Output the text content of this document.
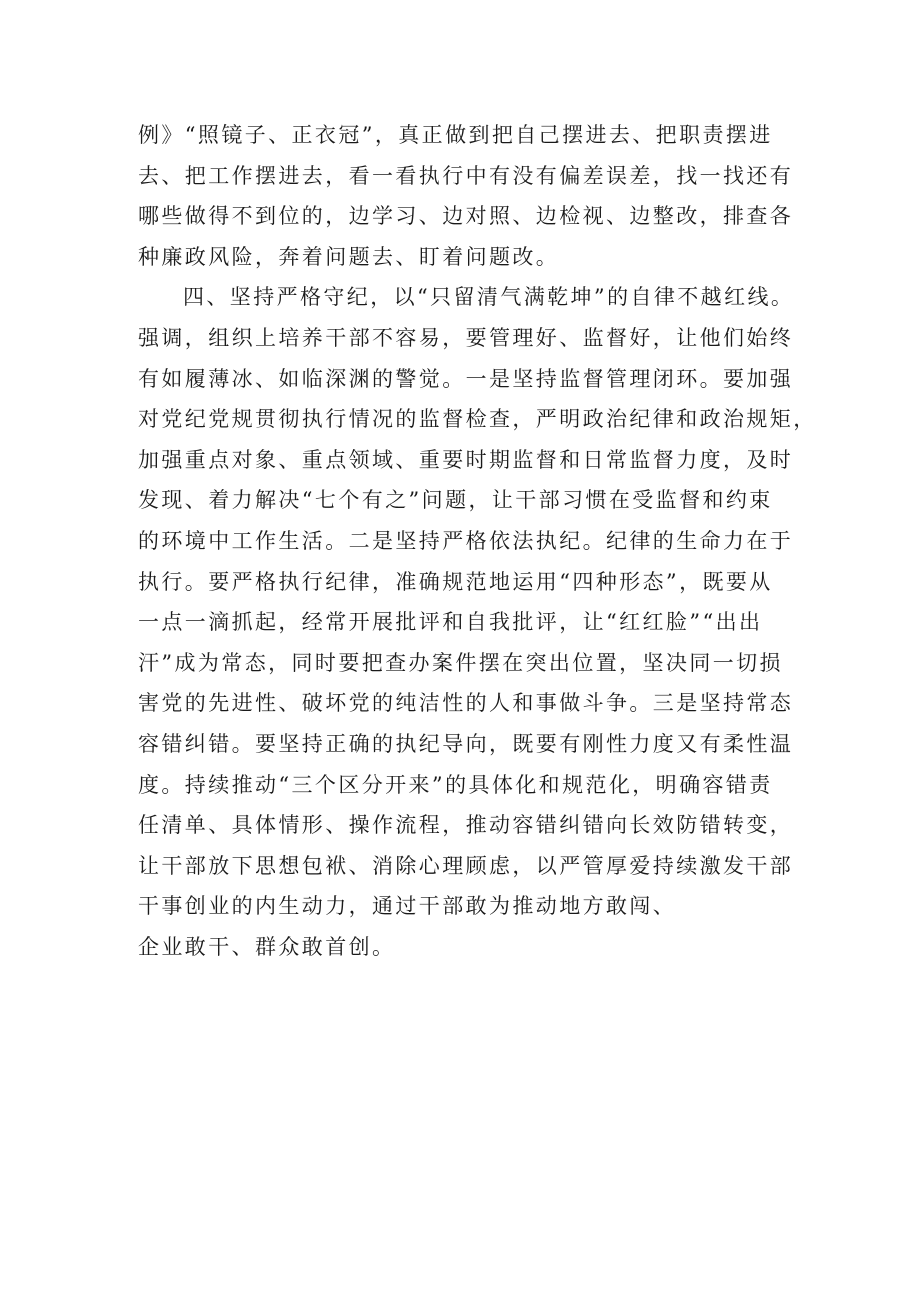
例》“照镜子、正衣冠”，真正做到把自己摆进去、把职责摆进
去、把工作摆进去，看一看执行中有没有偏差误差，找一找还有
哪些做得不到位的，边学习、边对照、边检视、边整改，排查各
种廉政风险，奔着问题去、盯着问题改。
四、坚持严格守纪，以“只留清气满乾坤”的自律不越红线。
强调，组织上培养干部不容易，要管理好、监督好，让他们始终
有如履薄冰、如临深渊的警觉。一是坚持监督管理闭环。要加强
对党纪党规贯彻执行情况的监督检查，严明政治纪律和政治规矩，
加强重点对象、重点领域、重要时期监督和日常监督力度，及时
发现、着力解决“七个有之”问题，让干部习惯在受监督和约束
的环境中工作生活。二是坚持严格依法执纪。纪律的生命力在于
执行。要严格执行纪律，准确规范地运用“四种形态”，既要从
一点一滴抓起，经常开展批评和自我批评，让“红红脸”“出出
汗”成为常态，同时要把查办案件摆在突出位置，坚决同一切损
害党的先进性、破坏党的纯洁性的人和事做斗争。三是坚持常态
容错纠错。要坚持正确的执纪导向，既要有刚性力度又有柔性温
度。持续推动“三个区分开来”的具体化和规范化，明确容错责
任清单、具体情形、操作流程，推动容错纠错向长效防错转变，
让干部放下思想包袱、消除心理顾虑，以严管厚爱持续激发干部
干事创业的内生动力，通过干部敢为推动地方敢闯、
企业敢干、群众敢首创。
